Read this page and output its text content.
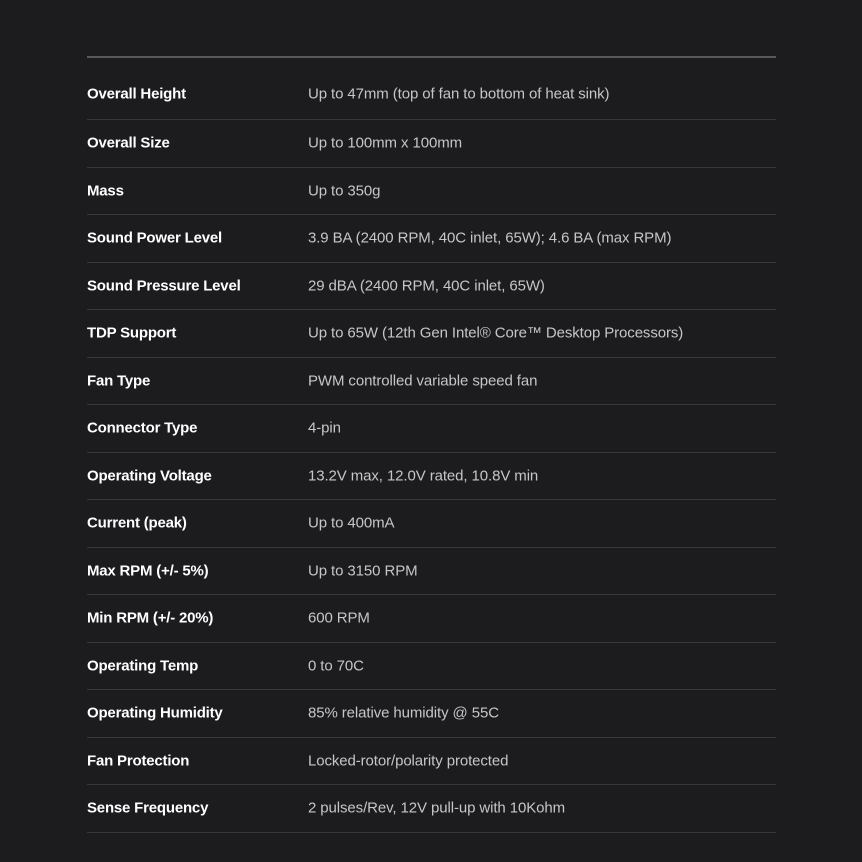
Overall Height	Up to 47mm (top of fan to bottom of heat sink)
Overall Size	Up to 100mm x 100mm
Mass	Up to 350g
Sound Power Level	3.9 BA (2400 RPM, 40C inlet, 65W); 4.6 BA (max RPM)
Sound Pressure Level	29 dBA (2400 RPM, 40C inlet, 65W)
TDP Support	Up to 65W (12th Gen Intel® Core™ Desktop Processors)
Fan Type	PWM controlled variable speed fan
Connector Type	4-pin
Operating Voltage	13.2V max, 12.0V rated, 10.8V min
Current (peak)	Up to 400mA
Max RPM (+/- 5%)	Up to 3150 RPM
Min RPM (+/- 20%)	600 RPM
Operating Temp	0 to 70C
Operating Humidity	85% relative humidity @ 55C
Fan Protection	Locked-rotor/polarity protected
Sense Frequency	2 pulses/Rev, 12V pull-up with 10Kohm
